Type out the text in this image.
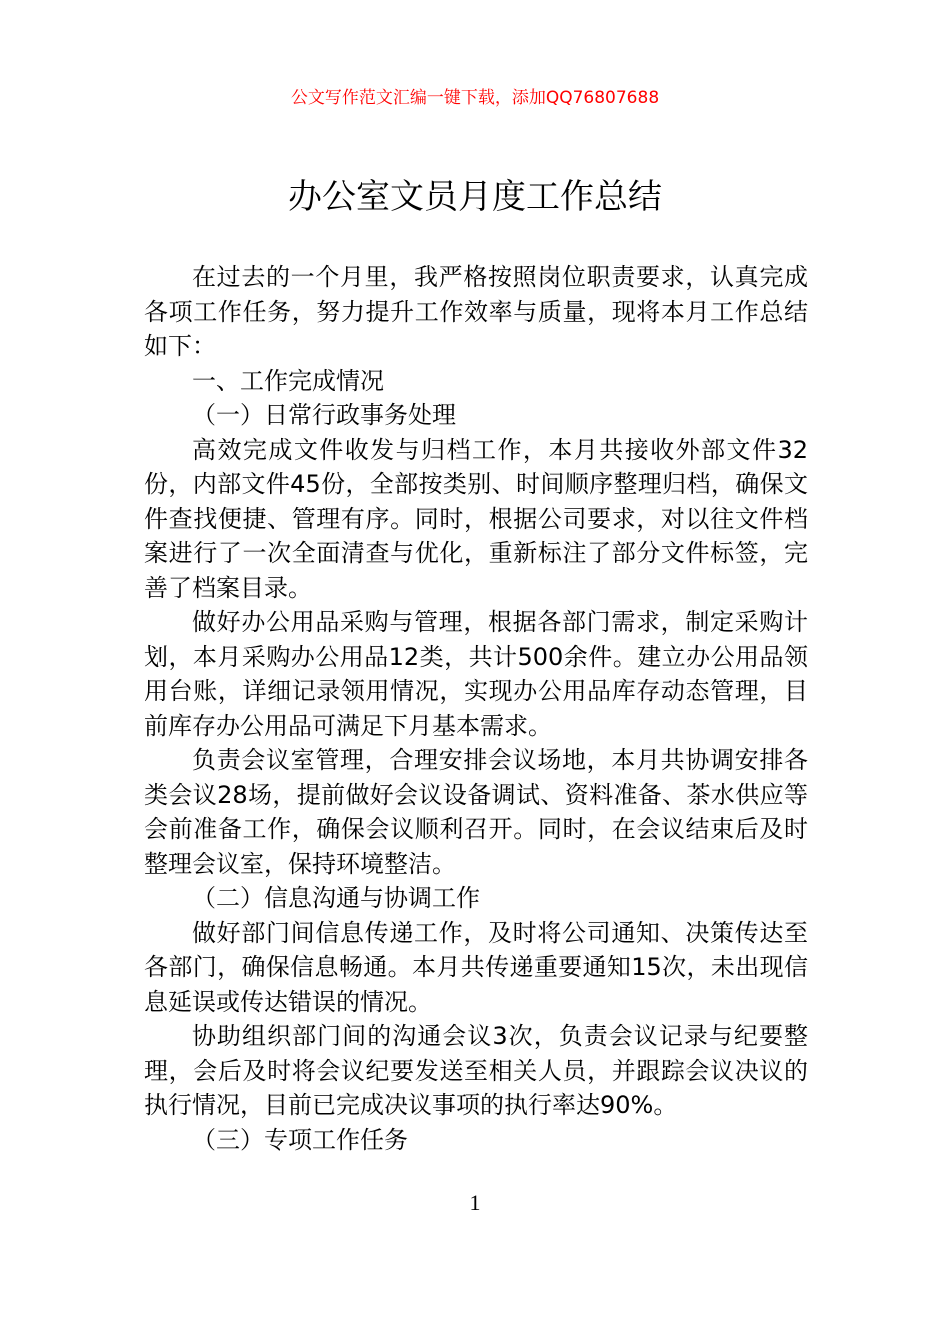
公文写作范文汇编一键下载，添加QQ76807688
办公室文员月度工作总结

在过去的一个月里，我严格按照岗位职责要求，认真完成各项工作任务，努力提升工作效率与质量，现将本月工作总结如下：

一、工作完成情况

（一）日常行政事务处理

高效完成文件收发与归档工作，本月共接收外部文件32份，内部文件45份，全部按类别、时间顺序整理归档，确保文件查找便捷、管理有序。同时，根据公司要求，对以往文件档案进行了一次全面清查与优化，重新标注了部分文件标签，完善了档案目录。

做好办公用品采购与管理，根据各部门需求，制定采购计划，本月采购办公用品12类，共计500余件。建立办公用品领用台账，详细记录领用情况，实现办公用品库存动态管理，目前库存办公用品可满足下月基本需求。

负责会议室管理，合理安排会议场地，本月共协调安排各类会议28场，提前做好会议设备调试、资料准备、茶水供应等会前准备工作，确保会议顺利召开。同时，在会议结束后及时整理会议室，保持环境整洁。

（二）信息沟通与协调工作

做好部门间信息传递工作，及时将公司通知、决策传达至各部门，确保信息畅通。本月共传递重要通知15次，未出现信息延误或传达错误的情况。

协助组织部门间的沟通会议3次，负责会议记录与纪要整理，会后及时将会议纪要发送至相关人员，并跟踪会议决议的执行情况，目前已完成决议事项的执行率达90%。

（三）专项工作任务

1
